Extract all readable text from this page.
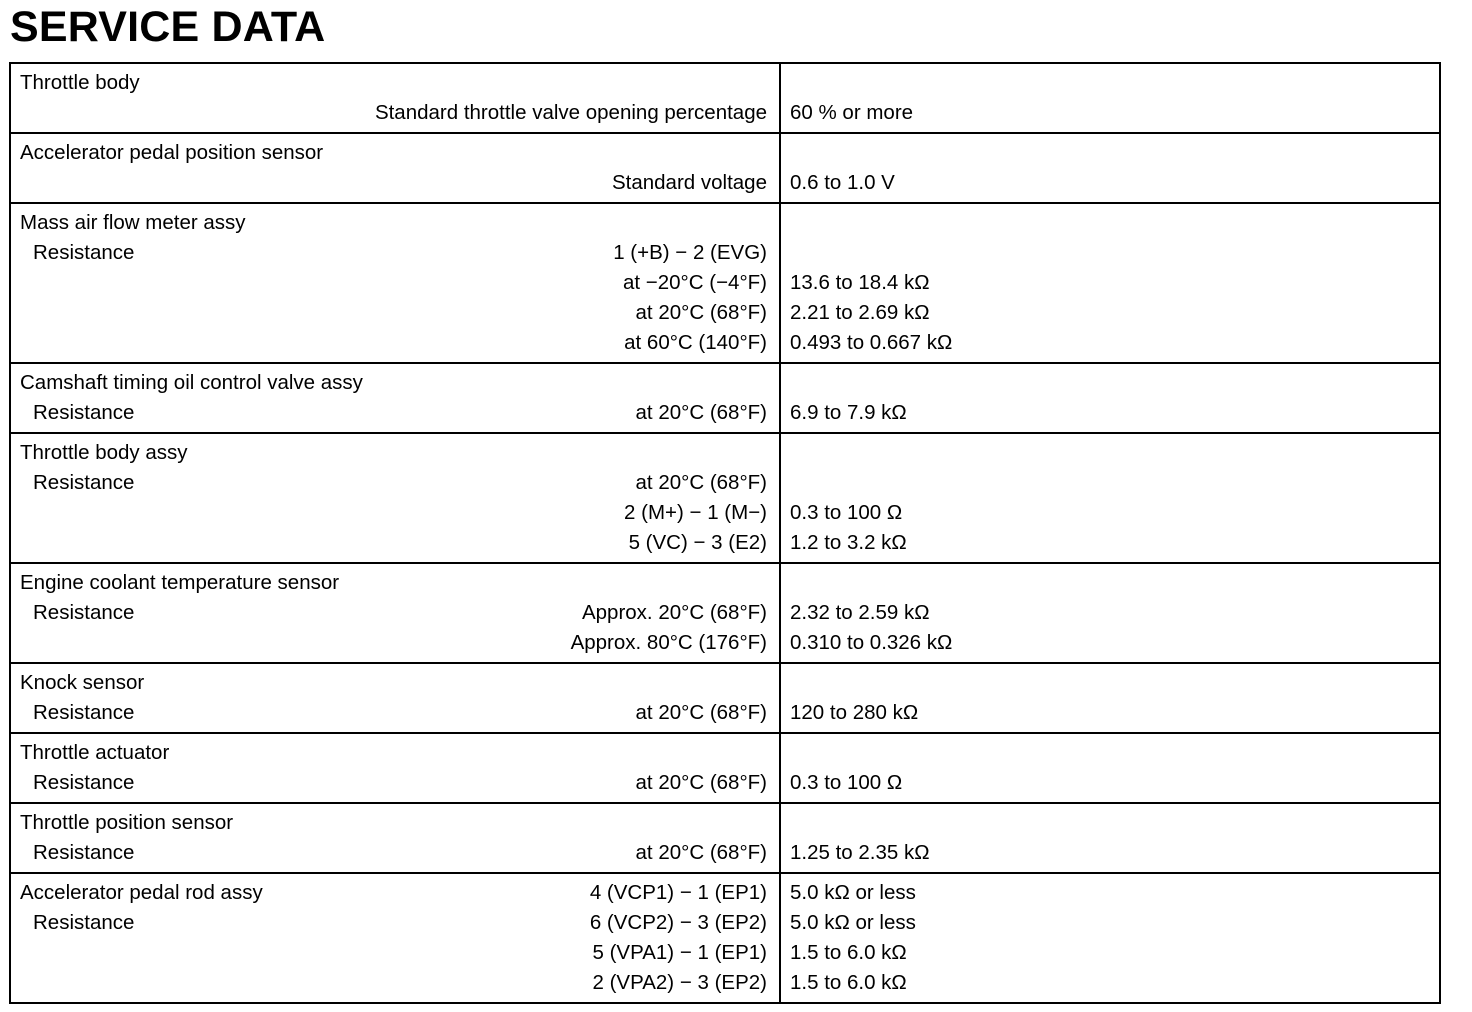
SERVICE DATA
Throttle body
Standard throttle valve opening percentage	60 % or more
Accelerator pedal position sensor
Standard voltage	0.6 to 1.0 V
Mass air flow meter assy
Resistance	1 (+B) − 2 (EVG)
at −20°C (−4°F)	13.6 to 18.4 kΩ
at 20°C (68°F)	2.21 to 2.69 kΩ
at 60°C (140°F)	0.493 to 0.667 kΩ
Camshaft timing oil control valve assy
Resistance	at 20°C (68°F)	6.9 to 7.9 kΩ
Throttle body assy
Resistance	at 20°C (68°F)
2 (M+) − 1 (M−)	0.3 to 100 Ω
5 (VC) − 3 (E2)	1.2 to 3.2 kΩ
Engine coolant temperature sensor
Resistance	Approx. 20°C (68°F)	2.32 to 2.59 kΩ
Approx. 80°C (176°F)	0.310 to 0.326 kΩ
Knock sensor
Resistance	at 20°C (68°F)	120 to 280 kΩ
Throttle actuator
Resistance	at 20°C (68°F)	0.3 to 100 Ω
Throttle position sensor
Resistance	at 20°C (68°F)	1.25 to 2.35 kΩ
Accelerator pedal rod assy	4 (VCP1) − 1 (EP1)	5.0 kΩ or less
Resistance	6 (VCP2) − 3 (EP2)	5.0 kΩ or less
5 (VPA1) − 1 (EP1)	1.5 to 6.0 kΩ
2 (VPA2) − 3 (EP2)	1.5 to 6.0 kΩ
